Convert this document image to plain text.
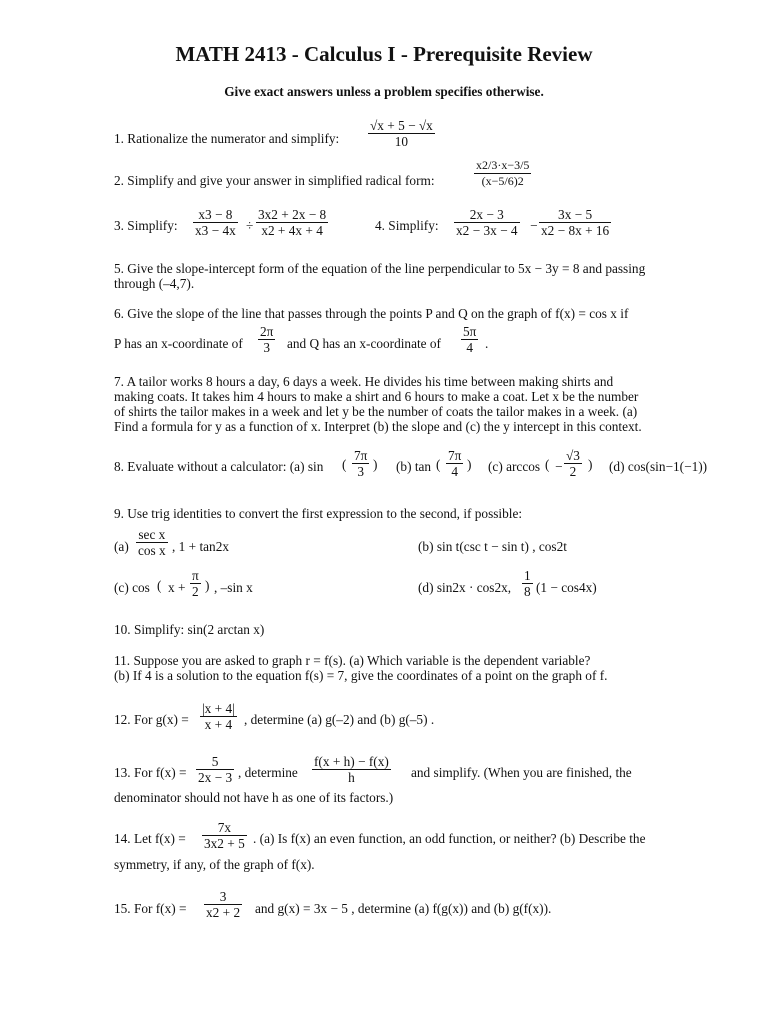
MATH 2413 - Calculus I - Prerequisite Review
Give exact answers unless a problem specifies otherwise.
1. Rationalize the numerator and simplify: $\frac{√x + 5 - √x}{10}$
2. Simplify and give your answer in simplified radical form:	$\frac{x2/3\cdot x-3/5}{(x-5/6)2}$
3. Simplify: $\frac{x3 - 8}{x3 - 4x} \div \frac{3x2 + 2x - 8}{x2 + 4x + 4}$	4. Simplify: $\frac{2x - 3}{x2 - 3x - 4} - \frac{3x - 5}{x2 - 8x + 16}$
5. Give the slope-intercept form of the equation of the line perpendicular to 5x − 3y = 8 and passing
through (–4,7).
6. Give the slope of the line that passes through the points P and Q on the graph of f(x) = cos x if
P has an x-coordinate of $\frac{2\pi}{3}$ and Q has an x-coordinate of $\frac{5\pi}{4}$ .
7. A tailor works 8 hours a day, 6 days a week. He divides his time between making shirts and
making coats. It takes him 4 hours to make a shirt and 6 hours to make a coat. Let x be the number
of shirts the tailor makes in a week and let y be the number of coats the tailor makes in a week. (a)
Find a formula for y as a function of x. Interpret (b) the slope and (c) the y intercept in this context.
8. Evaluate without a calculator: (a) sin ( $\frac{7\pi}{3}$ ) (b) tan ( $\frac{7\pi}{4}$ ) (c) arccos ( − $\frac{√3}{2}$ ) (d) cos(sin−1(−1))
9. Use trig identities to convert the first expression to the second, if possible:
(a)
sec x
cos x , 1 + tan2x	(b) sin t(csc t − sin t) , cos2t
(c) cos ( $x + \frac{\pi}{2}$ ) , –sin x	(d) sin2x · cos2x, $\frac{1}{8} (1 - \cos 4x)$
10. Simplify: sin(2 arctan x)
11. Suppose you are asked to graph r = f(s). (a) Which variable is the dependent variable?
(b) If 4 is a solution to the equation f(s) = 7, give the coordinates of a point on the graph of f.
12. For $g(x) = \frac{|x + 4|}{x + 4}$ , determine (a) g(–2) and (b) g(–5) .
13. For $f(x) = \frac{5}{2x - 3}$ , determine $\frac{f(x + h) - f(x)}{h}$ and simplify. (When you are finished, the
denominator should not have h as one of its factors.)
14. Let $f(x) = \frac{7x}{3x2 + 5}$ . (a) Is f(x) an even function, an odd function, or neither? (b) Describe the
symmetry, if any, of the graph of f(x).
15. For $f(x) = \frac{3}{x2 + 2}$ and g(x) = 3x − 5 , determine (a) f(g(x)) and (b) g(f(x)).
